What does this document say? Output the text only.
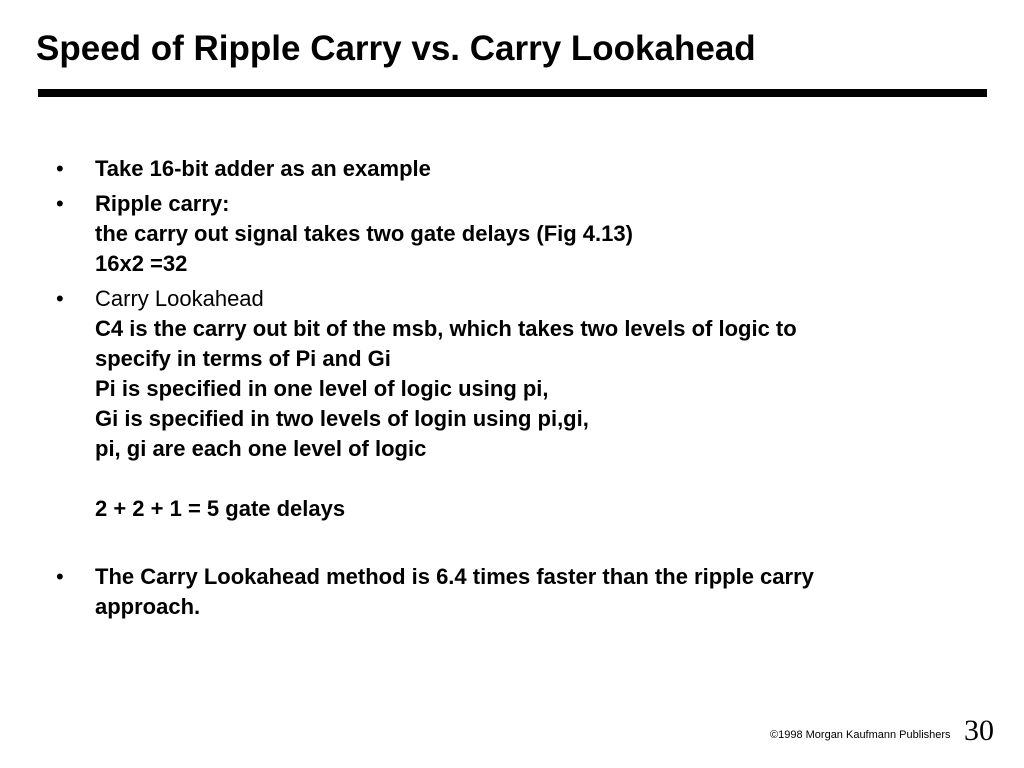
Speed of Ripple Carry vs. Carry Lookahead
• Take 16-bit adder as an example
• Ripple carry:
the carry out signal takes two gate delays (Fig 4.13)
16x2 =32
• Carry Lookahead
C4 is the carry out bit of the msb, which takes two levels of logic to
specify in terms of Pi and Gi
Pi is specified in one level of logic using pi,
Gi is specified in two levels of login using pi,gi,
pi, gi are each one level of logic
2 + 2 + 1 = 5 gate delays
• The Carry Lookahead method is 6.4 times faster than the ripple carry
approach.
©1998 Morgan Kaufmann Publishers 30
